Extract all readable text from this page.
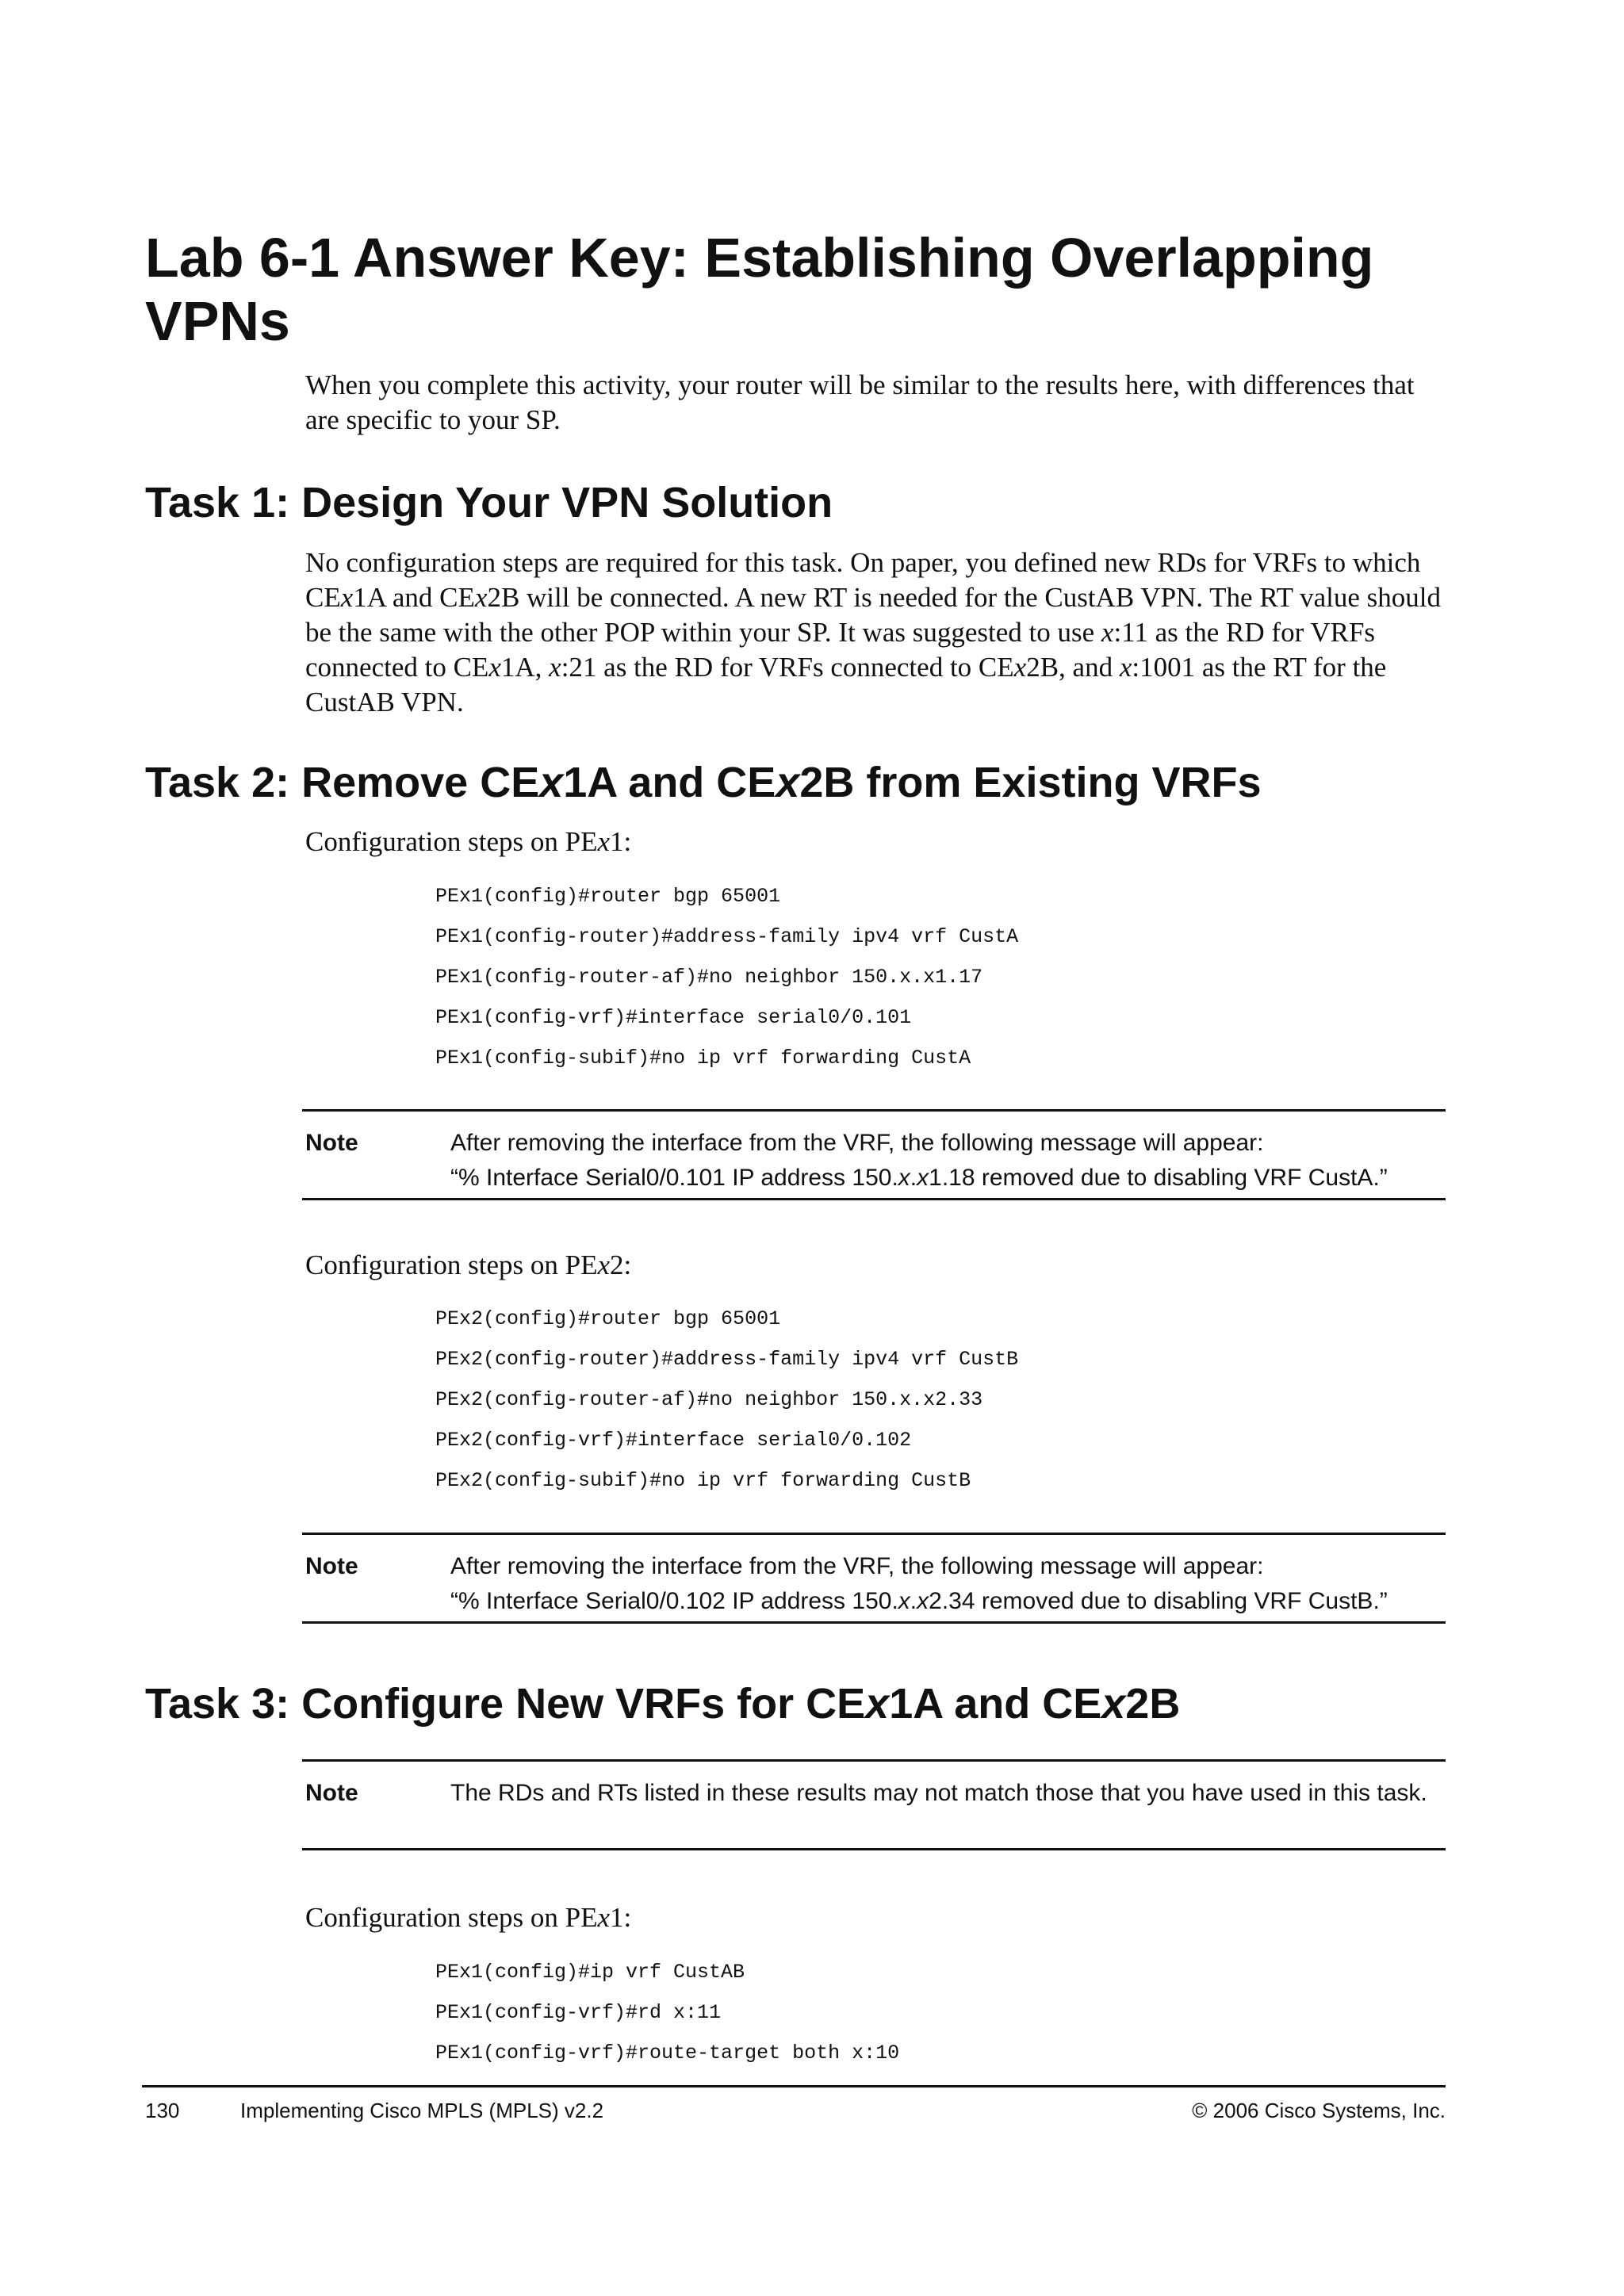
Lab 6-1 Answer Key: Establishing Overlapping VPNs

When you complete this activity, your router will be similar to the results here, with differences that are specific to your SP.

Task 1: Design Your VPN Solution

No configuration steps are required for this task. On paper, you defined new RDs for VRFs to which CEx1A and CEx2B will be connected. A new RT is needed for the CustAB VPN. The RT value should be the same with the other POP within your SP. It was suggested to use x:11 as the RD for VRFs connected to CEx1A, x:21 as the RD for VRFs connected to CEx2B, and x:1001 as the RT for the CustAB VPN.

Task 2: Remove CEx1A and CEx2B from Existing VRFs

Configuration steps on PEx1:

PEx1(config)#router bgp 65001
PEx1(config-router)#address-family ipv4 vrf CustA
PEx1(config-router-af)#no neighbor 150.x.x1.17
PEx1(config-vrf)#interface serial0/0.101
PEx1(config-subif)#no ip vrf forwarding CustA
Note	After removing the interface from the VRF, the following message will appear:
“% Interface Serial0/0.101 IP address 150.x.x1.18 removed due to disabling VRF CustA.”

Configuration steps on PEx2:

PEx2(config)#router bgp 65001
PEx2(config-router)#address-family ipv4 vrf CustB
PEx2(config-router-af)#no neighbor 150.x.x2.33
PEx2(config-vrf)#interface serial0/0.102
PEx2(config-subif)#no ip vrf forwarding CustB
Note	After removing the interface from the VRF, the following message will appear:
“% Interface Serial0/0.102 IP address 150.x.x2.34 removed due to disabling VRF CustB.”
Task 3: Configure New VRFs for CEx1A and CEx2B
Note	The RDs and RTs listed in these results may not match those that you have used in this task.

Configuration steps on PEx1:

PEx1(config)#ip vrf CustAB
PEx1(config-vrf)#rd x:11
PEx1(config-vrf)#route-target both x:10
130	Implementing Cisco MPLS (MPLS) v2.2	© 2006 Cisco Systems, Inc.
